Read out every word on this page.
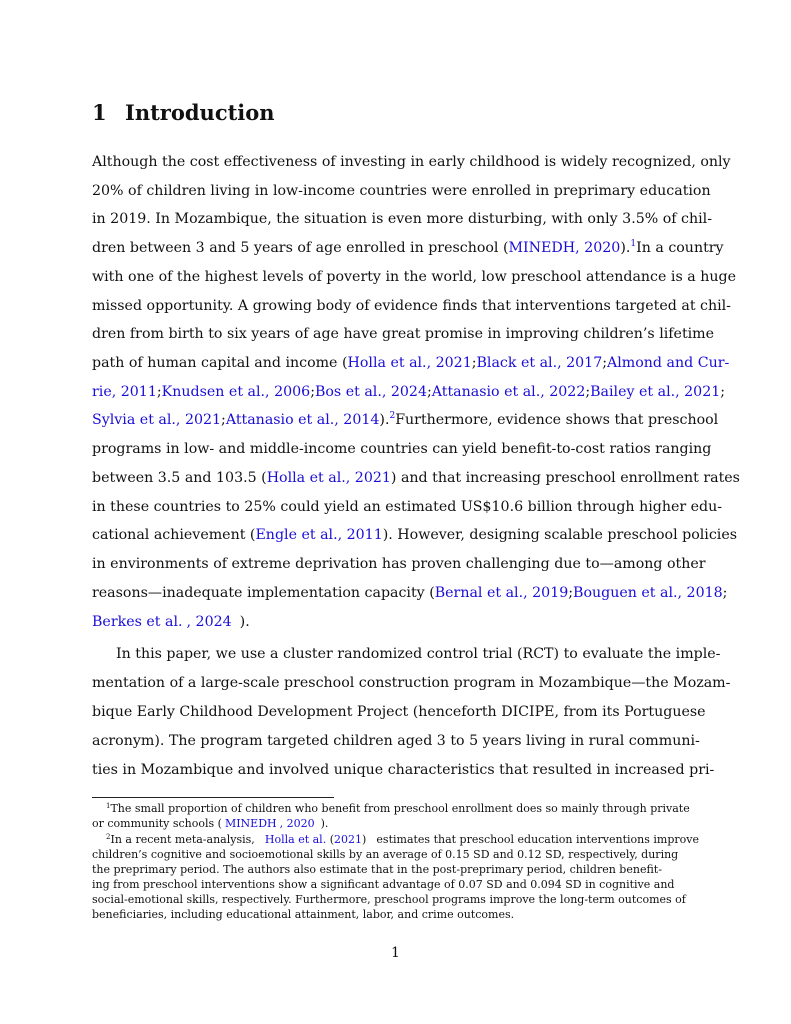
1 Introduction
Although the cost effectiveness of investing in early childhood is widely recognized, only
20% of children living in low-income countries were enrolled in preprimary education
in 2019. In Mozambique, the situation is even more disturbing, with only 3.5% of chil-
dren between 3 and 5 years of age enrolled in preschool (MINEDH, 2020).$^1$ In a country
with one of the highest levels of poverty in the world, low preschool attendance is a huge
missed opportunity. A growing body of evidence finds that interventions targeted at chil-
dren from birth to six years of age have great promise in improving children’s lifetime
path of human capital and income (Holla et al., 2021; Black et al., 2017; Almond and Cur-
rie, 2011; Knudsen et al., 2006; Bos et al., 2024; Attanasio et al., 2022; Bailey et al., 2021;
Sylvia et al., 2021; Attanasio et al., 2014).$^2$ Furthermore, evidence shows that preschool
programs in low- and middle-income countries can yield benefit-to-cost ratios ranging
between 3.5 and 103.5 (Holla et al., 2021 ) and that increasing preschool enrollment rates
in these countries to 25% could yield an estimated US$10.6 billion through higher edu-
cational achievement (Engle et al., 2011 ). However, designing scalable preschool policies
in environments of extreme deprivation has proven challenging due to—among other
reasons—inadequate implementation capacity (Bernal et al., 2019; Bouguen et al., 2018;
Berkes et al. , 2024 ).
In this paper, we use a cluster randomized control trial (RCT) to evaluate the imple-
mentation of a large-scale preschool construction program in Mozambique—the Mozam-
bique Early Childhood Development Project (henceforth DICIPE, from its Portuguese
acronym). The program targeted children aged 3 to 5 years living in rural communi-
ties in Mozambique and involved unique characteristics that resulted in increased pri-
$^1$The small proportion of children who benefit from preschool enrollment does so mainly through private
or community schools ( MINEDH , 2020 ).
$^2$In a recent meta-analysis, Holla et al. (2021) estimates that preschool education interventions improve
children’s cognitive and socioemotional skills by an average of 0.15 SD and 0.12 SD, respectively, during
the preprimary period. The authors also estimate that in the post-preprimary period, children benefit-
ing from preschool interventions show a significant advantage of 0.07 SD and 0.094 SD in cognitive and
social-emotional skills, respectively. Furthermore, preschool programs improve the long-term outcomes of
beneficiaries, including educational attainment, labor, and crime outcomes.
1
